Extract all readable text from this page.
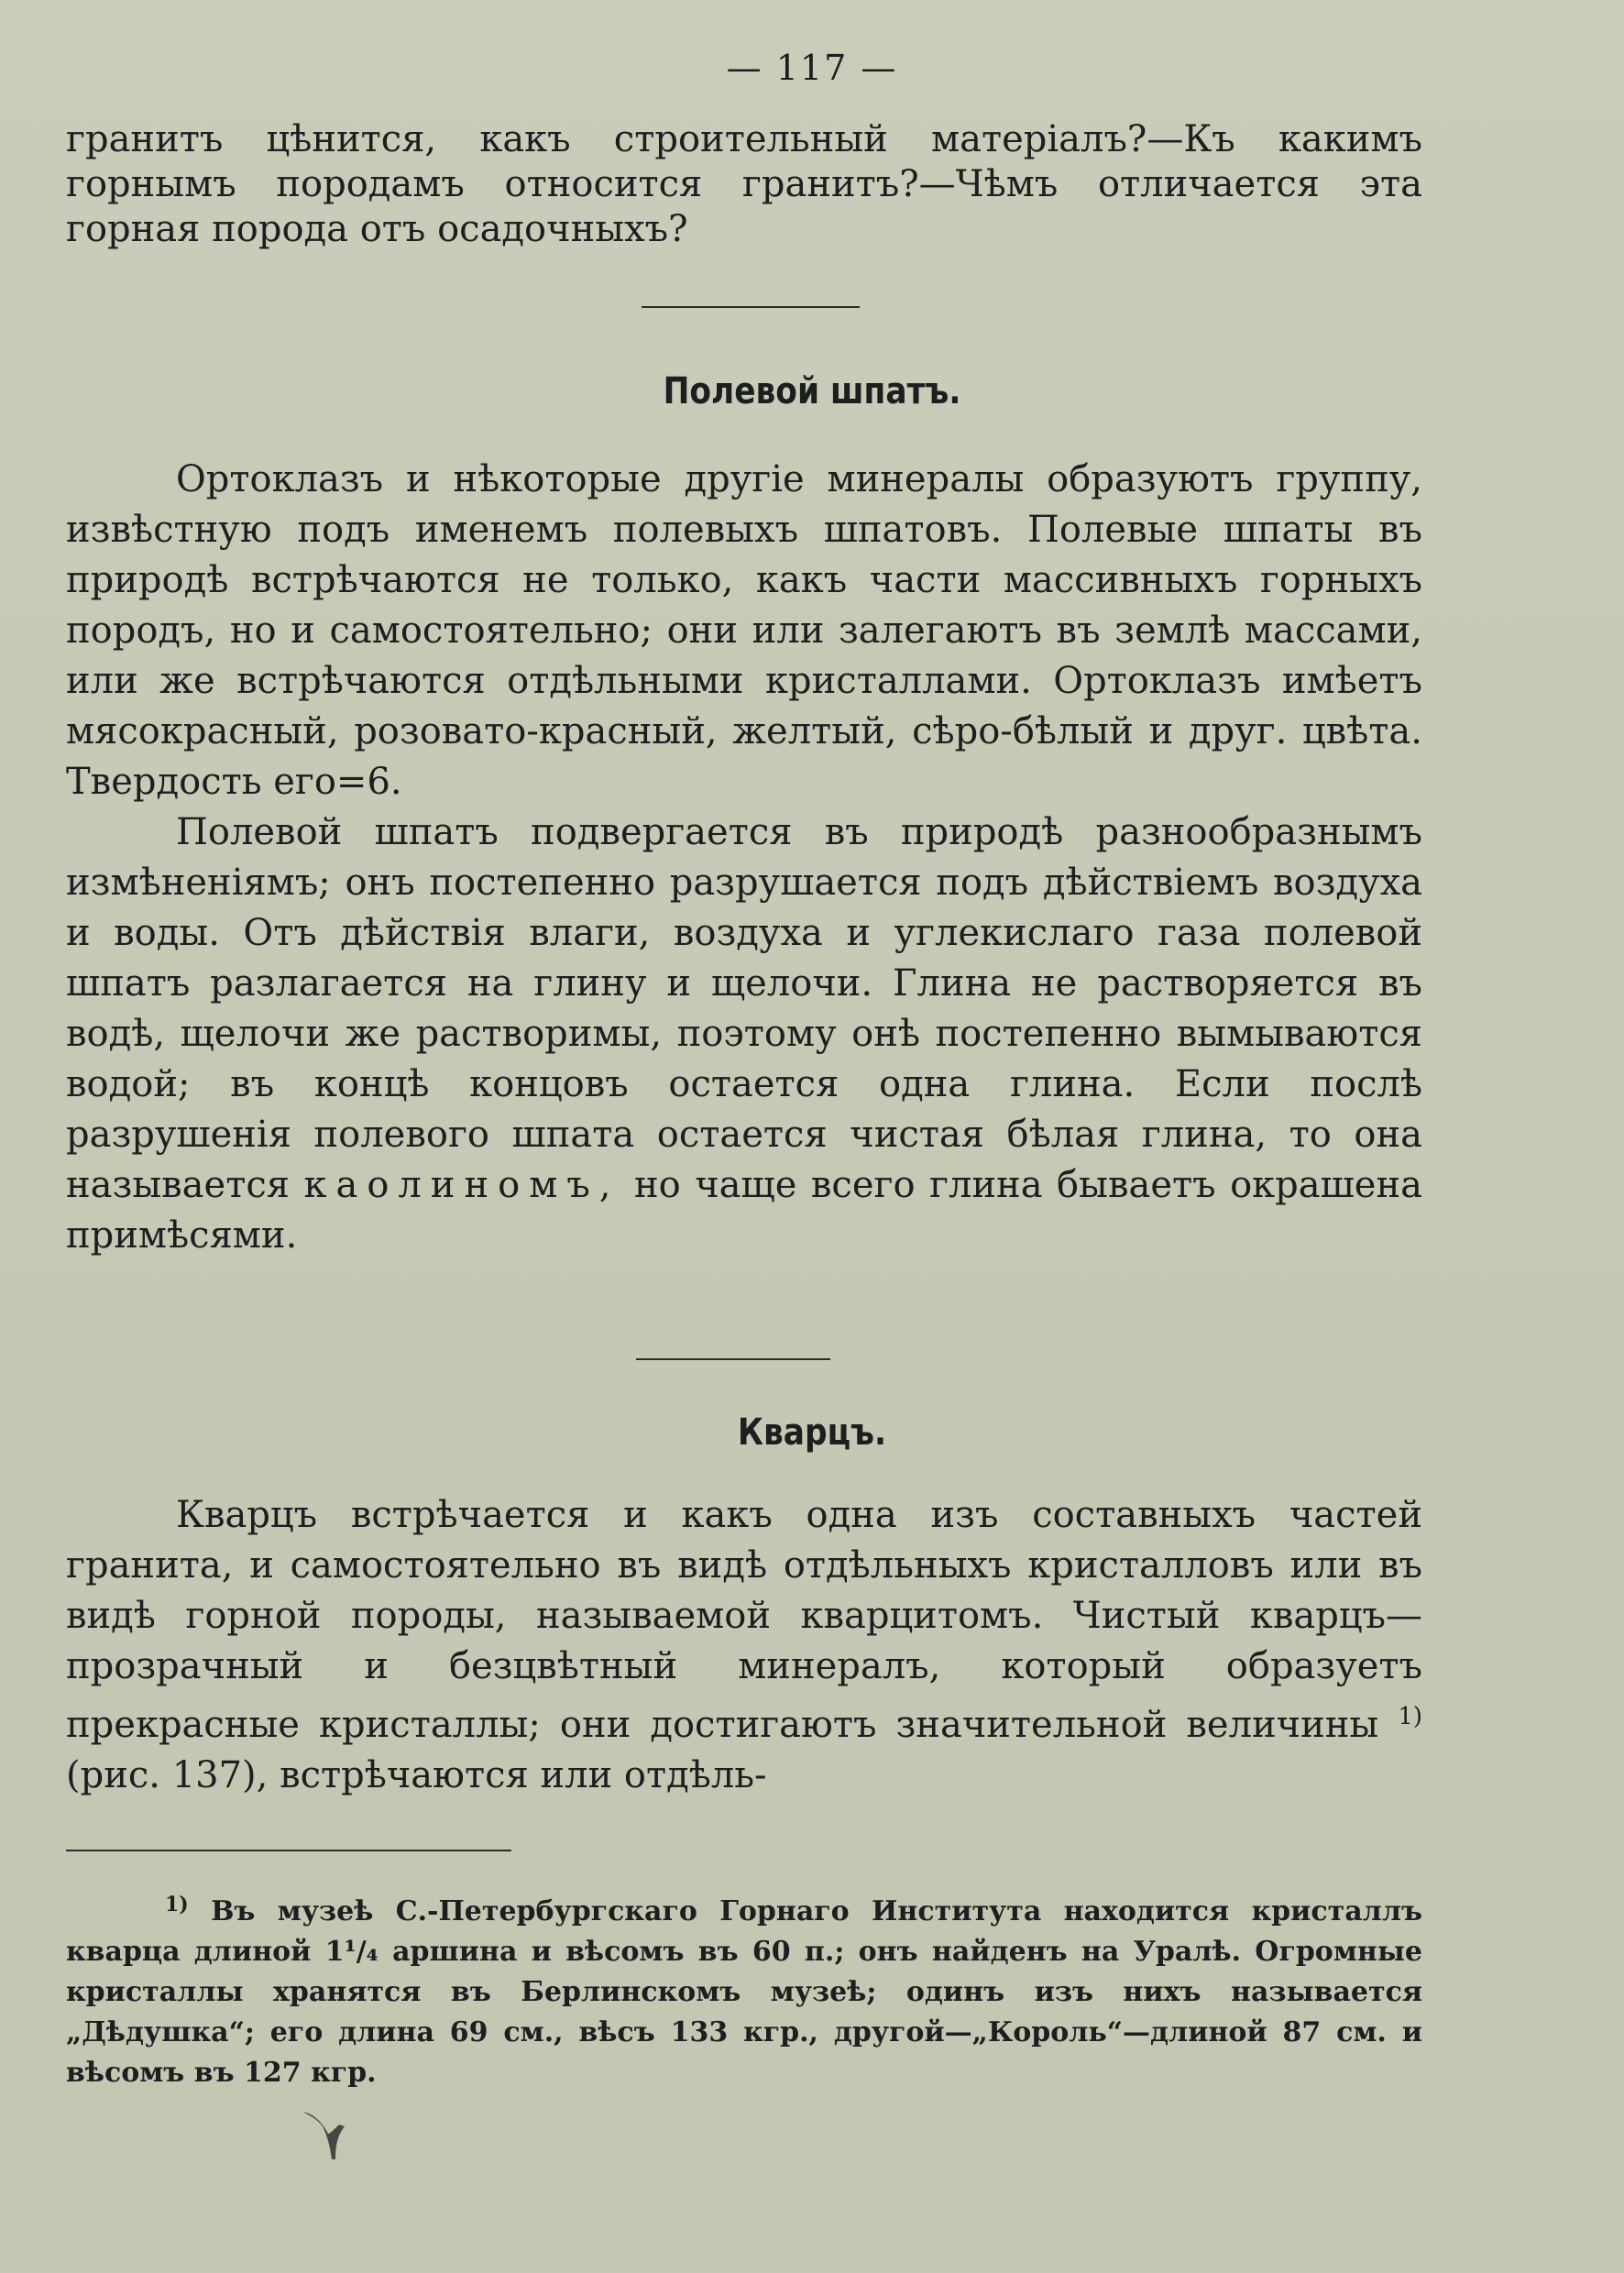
— 117 —

гранитъ цѣнится, какъ строительный матеріалъ?—Къ какимъ горнымъ породамъ относится гранитъ?—Чѣмъ отличается эта горная порода отъ осадочныхъ?

Полевой шпатъ.

Ортоклазъ и нѣкоторые другіе минералы образуютъ группу, извѣстную подъ именемъ полевыхъ шпатовъ. Полевые шпаты въ природѣ встрѣчаются не только, какъ части массивныхъ горныхъ породъ, но и самостоятельно; они или залегаютъ въ землѣ массами, или же встрѣчаются отдѣльными кристаллами. Ортоклазъ имѣетъ мясокрасный, розовато-красный, желтый, сѣро-бѣлый и друг. цвѣта. Твердость его=6.

Полевой шпатъ подвергается въ природѣ разнообразнымъ измѣненіямъ; онъ постепенно разрушается подъ дѣйствіемъ воздуха и воды. Отъ дѣйствія влаги, воздуха и углекислаго газа полевой шпатъ разлагается на глину и щелочи. Глина не растворяется въ водѣ, щелочи же растворимы, поэтому онѣ постепенно вымываются водой; въ концѣ концовъ остается одна глина. Если послѣ разрушенія полевого шпата остается чистая бѣлая глина, то она называется каолиномъ, но чаще всего глина бываетъ окрашена примѣсями.

Кварцъ.

Кварцъ встрѣчается и какъ одна изъ составныхъ частей гранита, и самостоятельно въ видѣ отдѣльныхъ кристалловъ или въ видѣ горной породы, называемой кварцитомъ. Чистый кварцъ—прозрачный и безцвѣтный минералъ, который образуетъ прекрасные кристаллы; они достигаютъ значительной величины $^{1)}$ (рис. 137), встрѣчаются или отдѣль-

$^{1)}$ Въ музеѣ С.-Петербургскаго Горнаго Института находится кристаллъ кварца длиной 1¹/₄ аршина и вѣсомъ въ 60 п.; онъ найденъ на Уралѣ. Огромные кристаллы хранятся въ Берлинскомъ музеѣ; одинъ изъ нихъ называется „Дѣдушка“; его длина 69 см., вѣсъ 133 кгр., другой—„Король“—длиной 87 см. и вѣсомъ въ 127 кгр.
